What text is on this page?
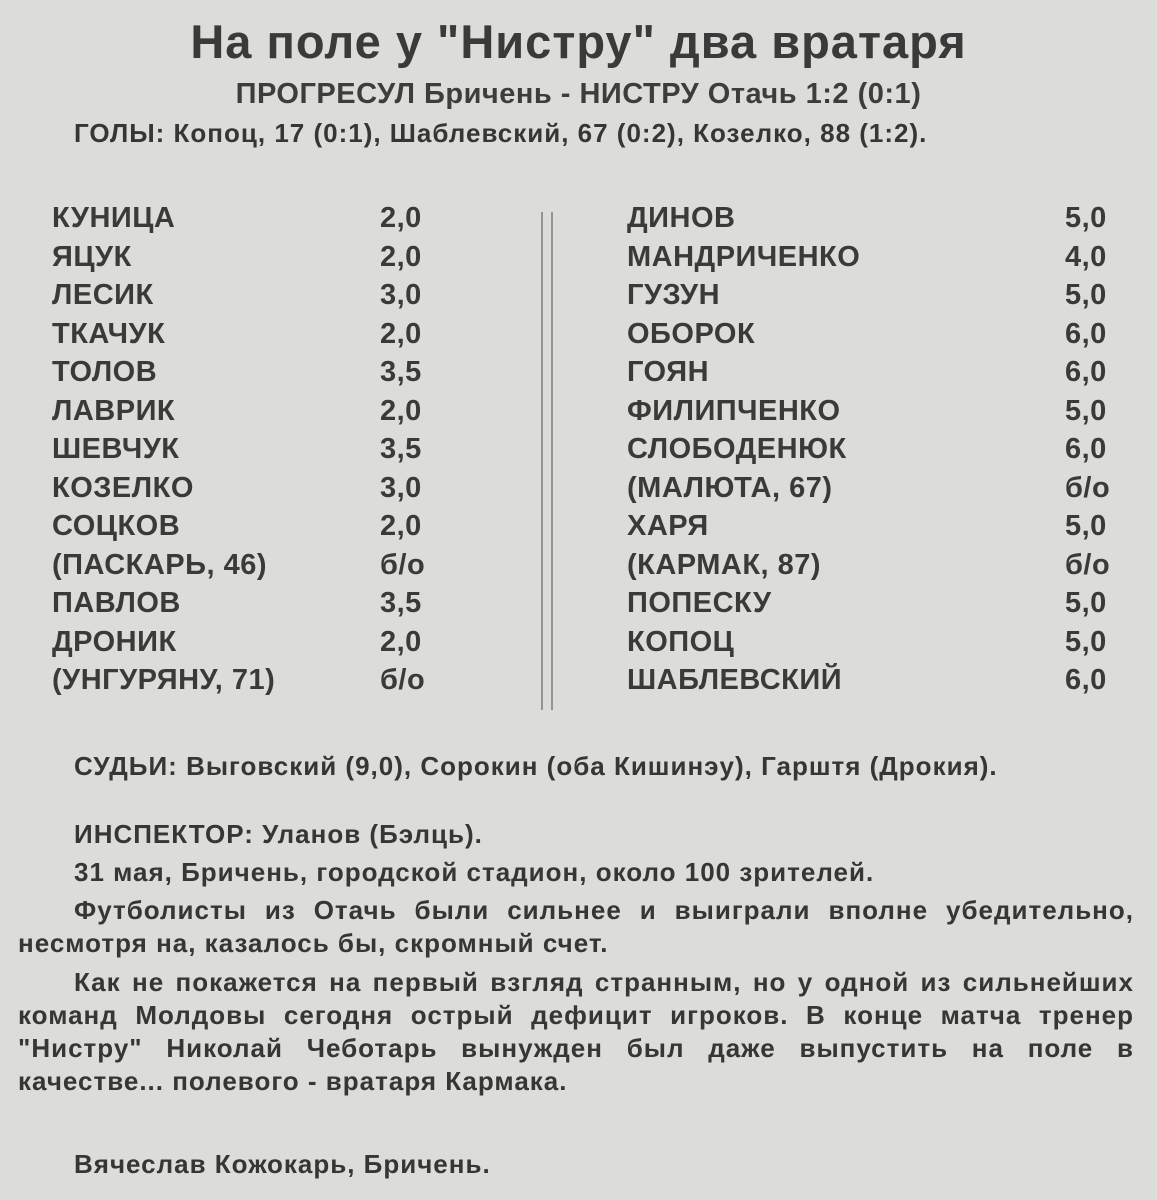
На поле у "Нистру" два вратаря
ПРОГРЕСУЛ Бричень - НИСТРУ Отачь 1:2 (0:1)
ГОЛЫ: Копоц, 17 (0:1), Шаблевский, 67 (0:2), Козелко, 88 (1:2).
КУНИЦА	2,0
ЯЦУК	2,0
ЛЕСИК	3,0
ТКАЧУК	2,0
ТОЛОВ	3,5
ЛАВРИК	2,0
ШЕВЧУК	3,5
КОЗЕЛКО	3,0
СОЦКОВ	2,0
(ПАСКАРЬ, 46)	б/о
ПАВЛОВ	3,5
ДРОНИК	2,0
(УНГУРЯНУ, 71)	б/о
ДИНОВ	5,0
МАНДРИЧЕНКО	4,0
ГУЗУН	5,0
ОБОРОК	6,0
ГОЯН	6,0
ФИЛИПЧЕНКО	5,0
СЛОБОДЕНЮК	6,0
(МАЛЮТА, 67)	б/о
ХАРЯ	5,0
(КАРМАК, 87)	б/о
ПОПЕСКУ	5,0
КОПОЦ	5,0
ШАБЛЕВСКИЙ	6,0
СУДЬИ: Выговский (9,0), Сорокин (оба Кишинэу), Гарштя (Дрокия).
ИНСПЕКТОР: Уланов (Бэлць).
31 мая, Бричень, городской стадион, около 100 зрителей.
Футболисты из Отачь были сильнее и выиграли вполне убедительно, несмотря на, казалось бы, скромный счет.
Как не покажется на первый взгляд странным, но у одной из сильнейших команд Молдовы сегодня острый дефицит игроков. В конце матча тренер "Нистру" Николай Чеботарь вынужден был даже выпустить на поле в качестве... полевого - вратаря Кармака.
Вячеслав Кожокарь, Бричень.
